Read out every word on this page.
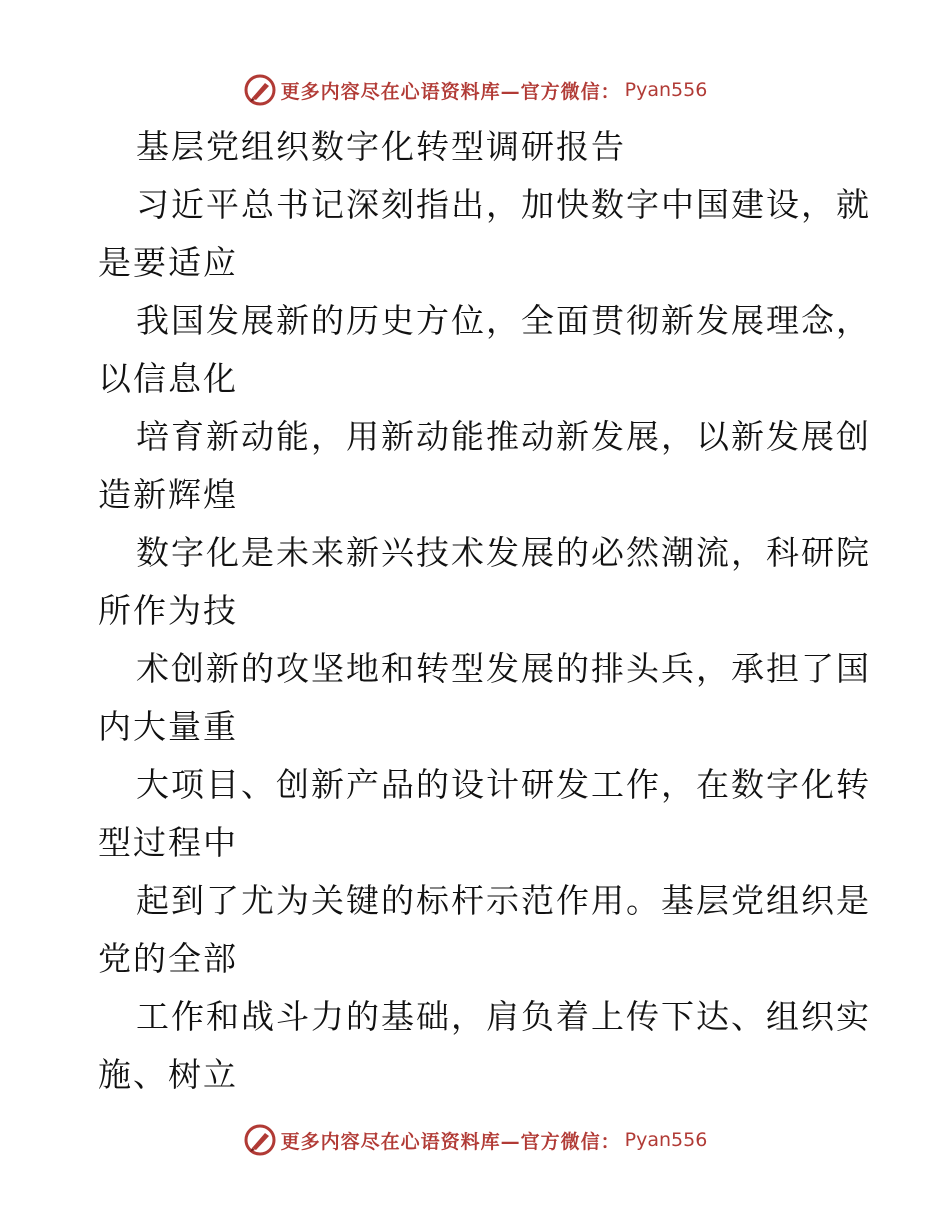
更多内容尽在心语资料库—官方微信： Pyan556
基层党组织数字化转型调研报告
习近平总书记深刻指出，加快数字中国建设，就
是要适应
我国发展新的历史方位，全面贯彻新发展理念，
以信息化
培育新动能，用新动能推动新发展，以新发展创
造新辉煌
数字化是未来新兴技术发展的必然潮流，科研院
所作为技
术创新的攻坚地和转型发展的排头兵，承担了国
内大量重
大项目、创新产品的设计研发工作，在数字化转
型过程中
起到了尤为关键的标杆示范作用。基层党组织是
党的全部
工作和战斗力的基础，肩负着上传下达、组织实
施、树立
更多内容尽在心语资料库—官方微信： Pyan556
